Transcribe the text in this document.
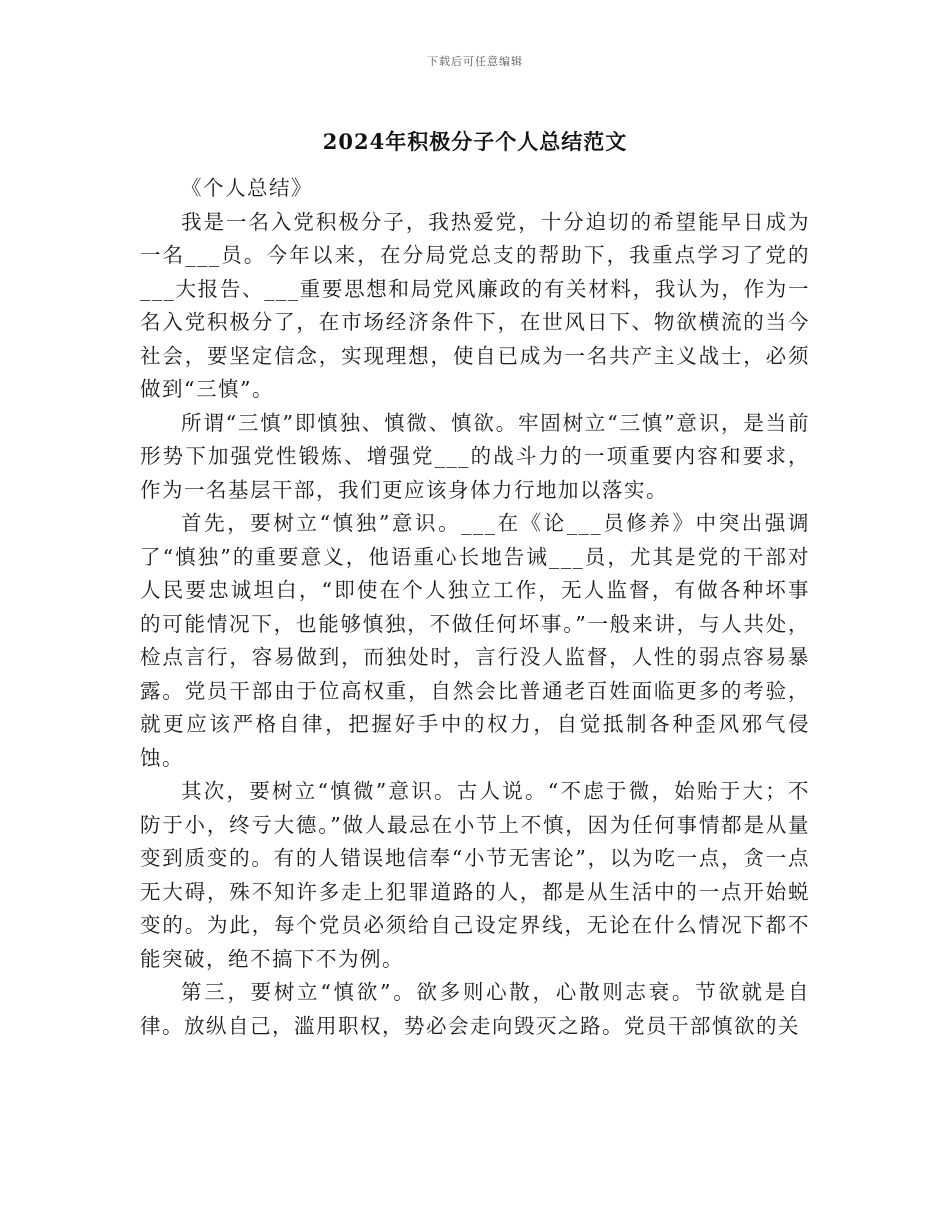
下载后可任意编辑
2024年积极分子个人总结范文

《个人总结》

我是一名入党积极分子，我热爱党，十分迫切的希望能早日成为一名___员。今年以来，在分局党总支的帮助下，我重点学习了党的___大报告、___重要思想和局党风廉政的有关材料，我认为，作为一名入党积极分了，在市场经济条件下，在世风日下、物欲横流的当今社会，要坚定信念，实现理想，使自已成为一名共产主义战士，必须做到“三慎”。

所谓“三慎”即慎独、慎微、慎欲。牢固树立“三慎”意识，是当前形势下加强党性锻炼、增强党___的战斗力的一项重要内容和要求，作为一名基层干部，我们更应该身体力行地加以落实。

首先，要树立“慎独”意识。___在《论___员修养》中突出强调了“慎独”的重要意义，他语重心长地告诫___员，尤其是党的干部对人民要忠诚坦白，“即使在个人独立工作，无人监督，有做各种坏事的可能情况下，也能够慎独，不做任何坏事。”一般来讲，与人共处，检点言行，容易做到，而独处时，言行没人监督，人性的弱点容易暴露。党员干部由于位高权重，自然会比普通老百姓面临更多的考验，就更应该严格自律，把握好手中的权力，自觉抵制各种歪风邪气侵蚀。

其次，要树立“慎微”意识。古人说。“不虑于微，始贻于大；不防于小，终亏大德。”做人最忌在小节上不慎，因为任何事情都是从量变到质变的。有的人错误地信奉“小节无害论”，以为吃一点，贪一点无大碍，殊不知许多走上犯罪道路的人，都是从生活中的一点开始蜕变的。为此，每个党员必须给自己设定界线，无论在什么情况下都不能突破，绝不搞下不为例。

第三，要树立“慎欲”。欲多则心散，心散则志衰。节欲就是自律。放纵自己，滥用职权，势必会走向毁灭之路。党员干部慎欲的关
